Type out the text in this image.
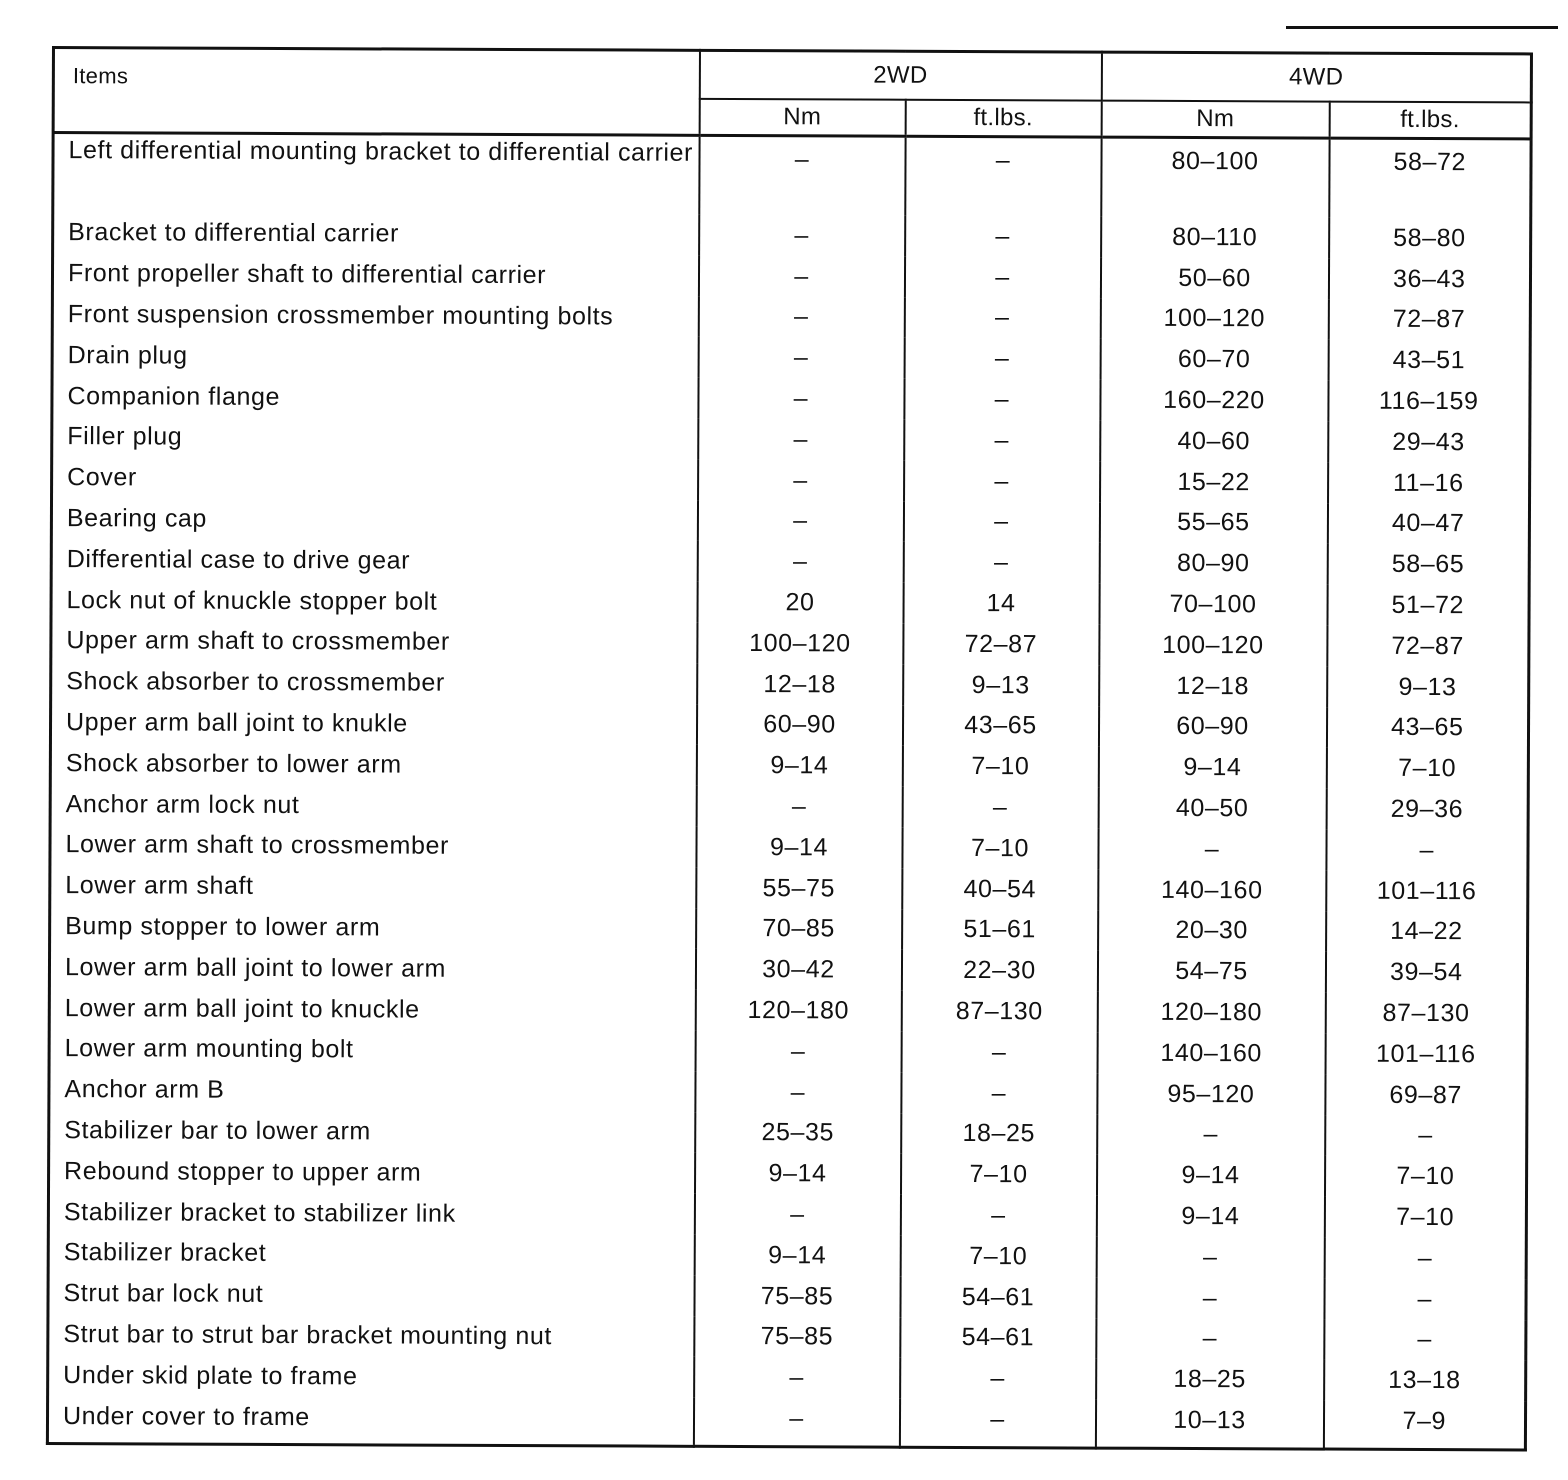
Items	2WD		4WD	
	Nm	ft.lbs.	Nm	ft.lbs.
Left differential mounting bracket to differential carrier	–	–	80–100	58–72
Bracket to differential carrier	–	–	80–110	58–80
Front propeller shaft to differential carrier	–	–	50–60	36–43
Front suspension crossmember mounting bolts	–	–	100–120	72–87
Drain plug	–	–	60–70	43–51
Companion flange	–	–	160–220	116–159
Filler plug	–	–	40–60	29–43
Cover	–	–	15–22	11–16
Bearing cap	–	–	55–65	40–47
Differential case to drive gear	–	–	80–90	58–65
Lock nut of knuckle stopper bolt	20	14	70–100	51–72
Upper arm shaft to crossmember	100–120	72–87	100–120	72–87
Shock absorber to crossmember	12–18	9–13	12–18	9–13
Upper arm ball joint to knukle	60–90	43–65	60–90	43–65
Shock absorber to lower arm	9–14	7–10	9–14	7–10
Anchor arm lock nut	–	–	40–50	29–36
Lower arm shaft to crossmember	9–14	7–10	–	–
Lower arm shaft	55–75	40–54	140–160	101–116
Bump stopper to lower arm	70–85	51–61	20–30	14–22
Lower arm ball joint to lower arm	30–42	22–30	54–75	39–54
Lower arm ball joint to knuckle	120–180	87–130	120–180	87–130
Lower arm mounting bolt	–	–	140–160	101–116
Anchor arm B	–	–	95–120	69–87
Stabilizer bar to lower arm	25–35	18–25	–	–
Rebound stopper to upper arm	9–14	7–10	9–14	7–10
Stabilizer bracket to stabilizer link	–	–	9–14	7–10
Stabilizer bracket	9–14	7–10	–	–
Strut bar lock nut	75–85	54–61	–	–
Strut bar to strut bar bracket mounting nut	75–85	54–61	–	–
Under skid plate to frame	–	–	18–25	13–18
Under cover to frame	–	–	10–13	7–9
